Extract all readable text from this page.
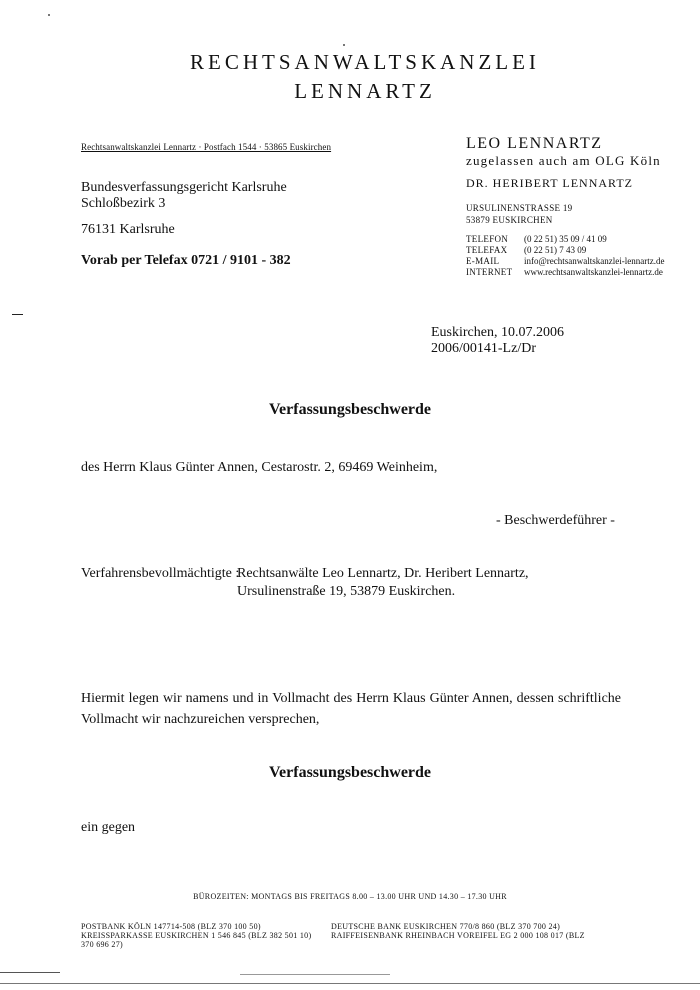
RECHTSANWALTSKANZLEI
LENNARTZ
Rechtsanwaltskanzlei Lennartz · Postfach 1544 · 53865 Euskirchen
Bundesverfassungsgericht Karlsruhe
Schloßbezirk 3
76131 Karlsruhe
Vorab per Telefax 0721 / 9101 - 382
LEO LENNARTZ
zugelassen auch am OLG Köln
DR. HERIBERT LENNARTZ
URSULINENSTRASSE 19
53879 EUSKIRCHEN
TELEFON (0 22 51) 35 09 / 41 09
TELEFAX (0 22 51) 7 43 09
E-MAIL	info@rechtsanwaltskanzlei-lennartz.de
INTERNET www.rechtsanwaltskanzlei-lennartz.de
Euskirchen, 10.07.2006
2006/00141-Lz/Dr
Verfassungsbeschwerde
des Herrn Klaus Günter Annen, Cestarostr. 2, 69469 Weinheim,
- Beschwerdeführer -
Verfahrensbevollmächtigte :
Rechtsanwälte Leo Lennartz, Dr. Heribert Lennartz,
Ursulinenstraße 19, 53879 Euskirchen.
Hiermit legen wir namens und in Vollmacht des Herrn Klaus Günter Annen, dessen schriftliche Vollmacht wir nachzureichen versprechen,
Verfassungsbeschwerde
ein gegen
BÜROZEITEN: MONTAGS BIS FREITAGS 8.00 – 13.00 UHR UND 14.30 – 17.30 UHR
POSTBANK KÖLN 147714-508 (BLZ 370 100 50)
KREISSPARKASSE EUSKIRCHEN 1 546 845 (BLZ 382 501 10)
DEUTSCHE BANK EUSKIRCHEN 770/8 860 (BLZ 370 700 24)
RAIFFEISENBANK RHEINBACH VOREIFEL EG 2 000 108 017 (BLZ
370 696 27)
